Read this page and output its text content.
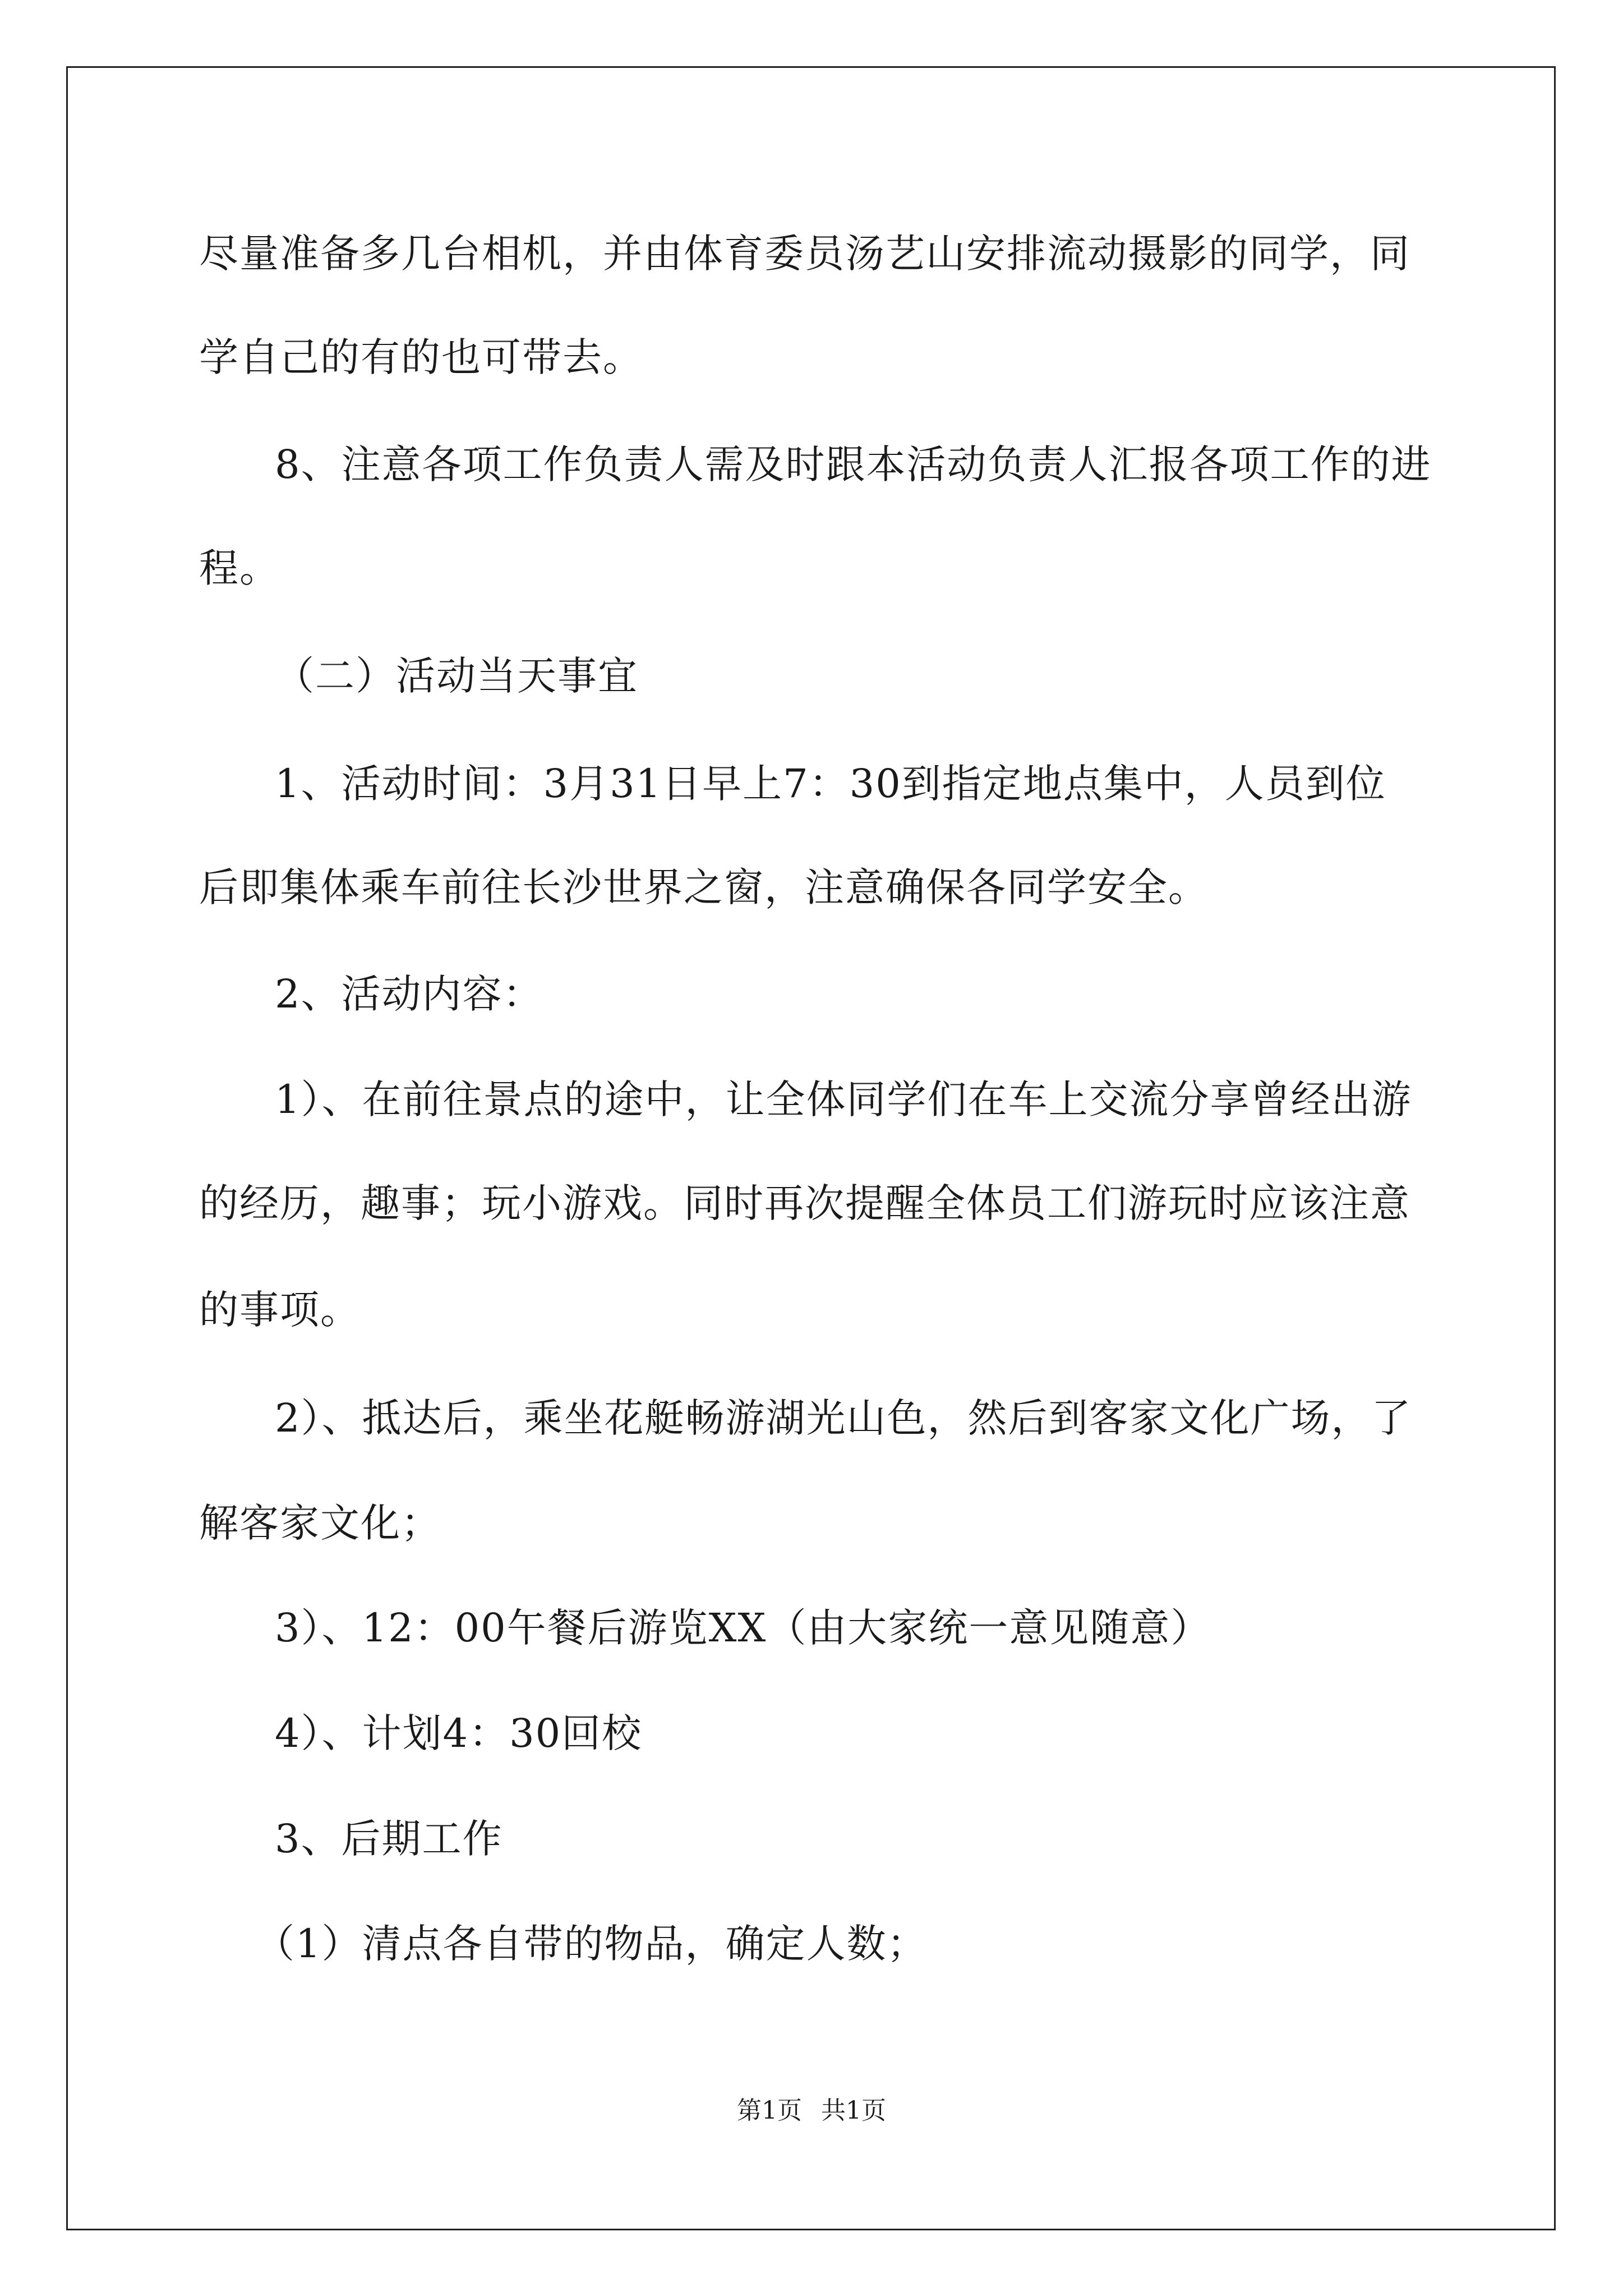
尽量准备多几台相机，并由体育委员汤艺山安排流动摄影的同学，同
学自己的有的也可带去。
8、注意各项工作负责人需及时跟本活动负责人汇报各项工作的进
程。
（二）活动当天事宜
1、活动时间：3月31日早上7：30到指定地点集中，人员到位
后即集体乘车前往长沙世界之窗，注意确保各同学安全。
2、活动内容：
1）、在前往景点的途中，让全体同学们在车上交流分享曾经出游
的经历，趣事；玩小游戏。同时再次提醒全体员工们游玩时应该注意
的事项。
2）、抵达后，乘坐花艇畅游湖光山色，然后到客家文化广场，了
解客家文化；
3）、12：00午餐后游览XX（由大家统一意见随意）
4）、计划4：30回校
3、后期工作
（1）清点各自带的物品，确定人数；
第1页 共1页
